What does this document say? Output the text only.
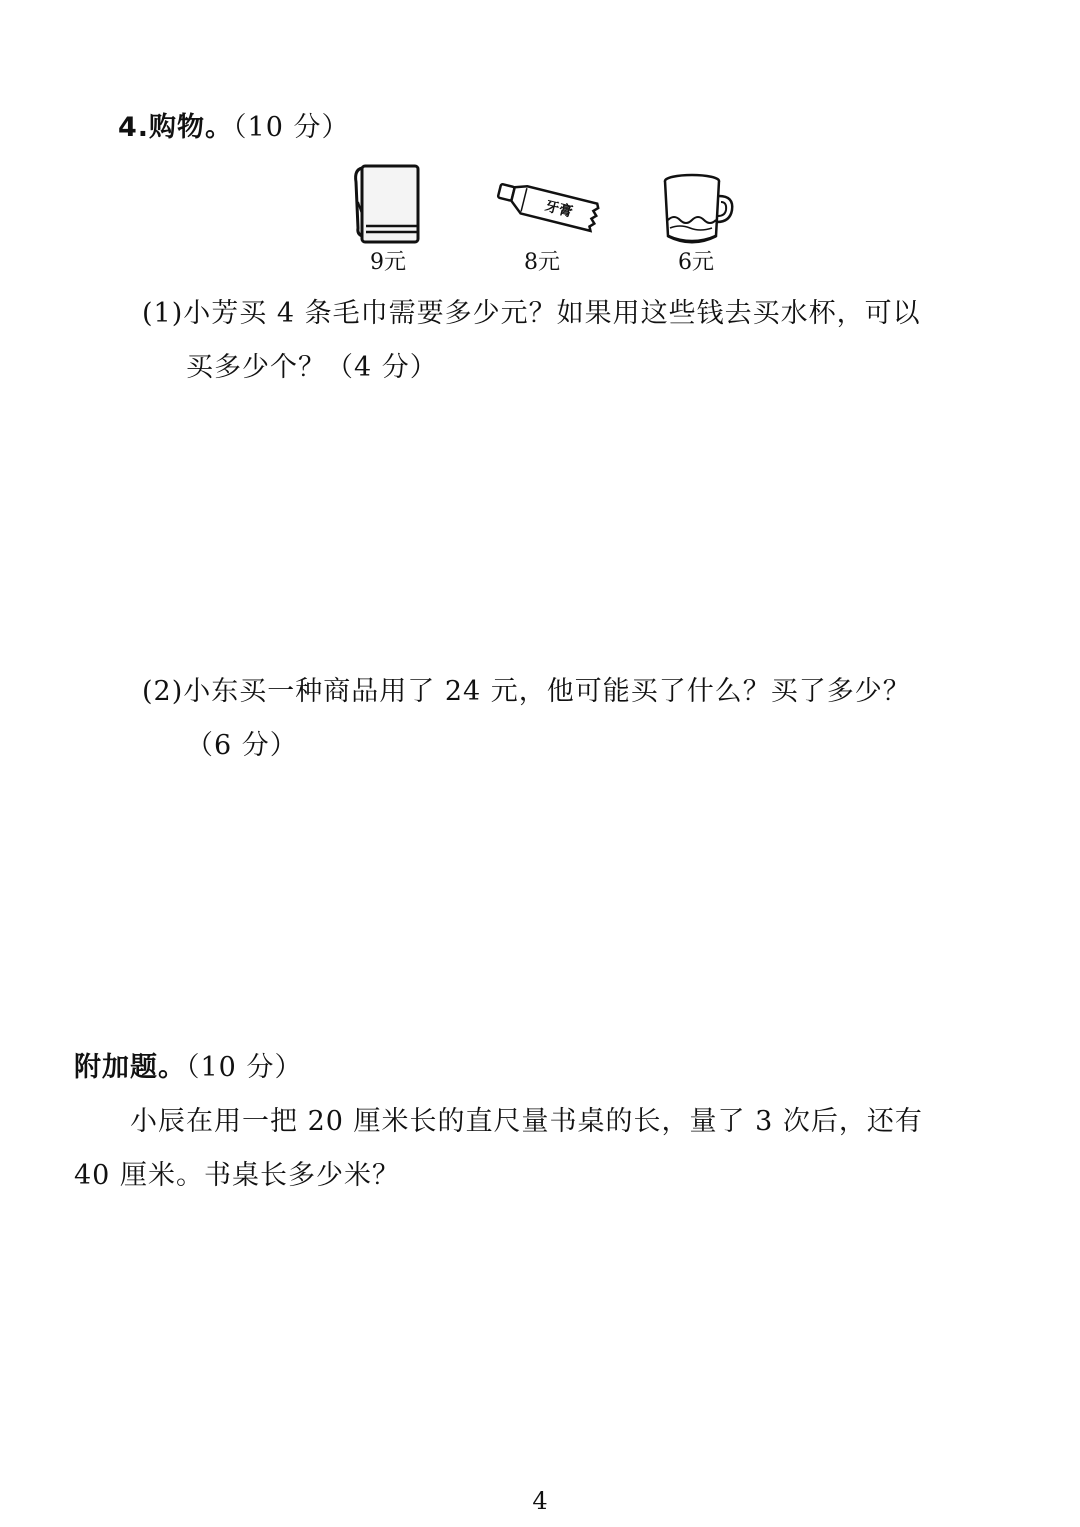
4.购物。（10 分）
9元
牙膏
8元	6元
(1)小芳买 4 条毛巾需要多少元？如果用这些钱去买水杯，可以
买多少个？（4 分）
(2)小东买一种商品用了 24 元，他可能买了什么？买了多少？
（6 分）
附加题。（10 分）
小辰在用一把 20 厘米长的直尺量书桌的长，量了 3 次后，还有
40 厘米。书桌长多少米？
4
